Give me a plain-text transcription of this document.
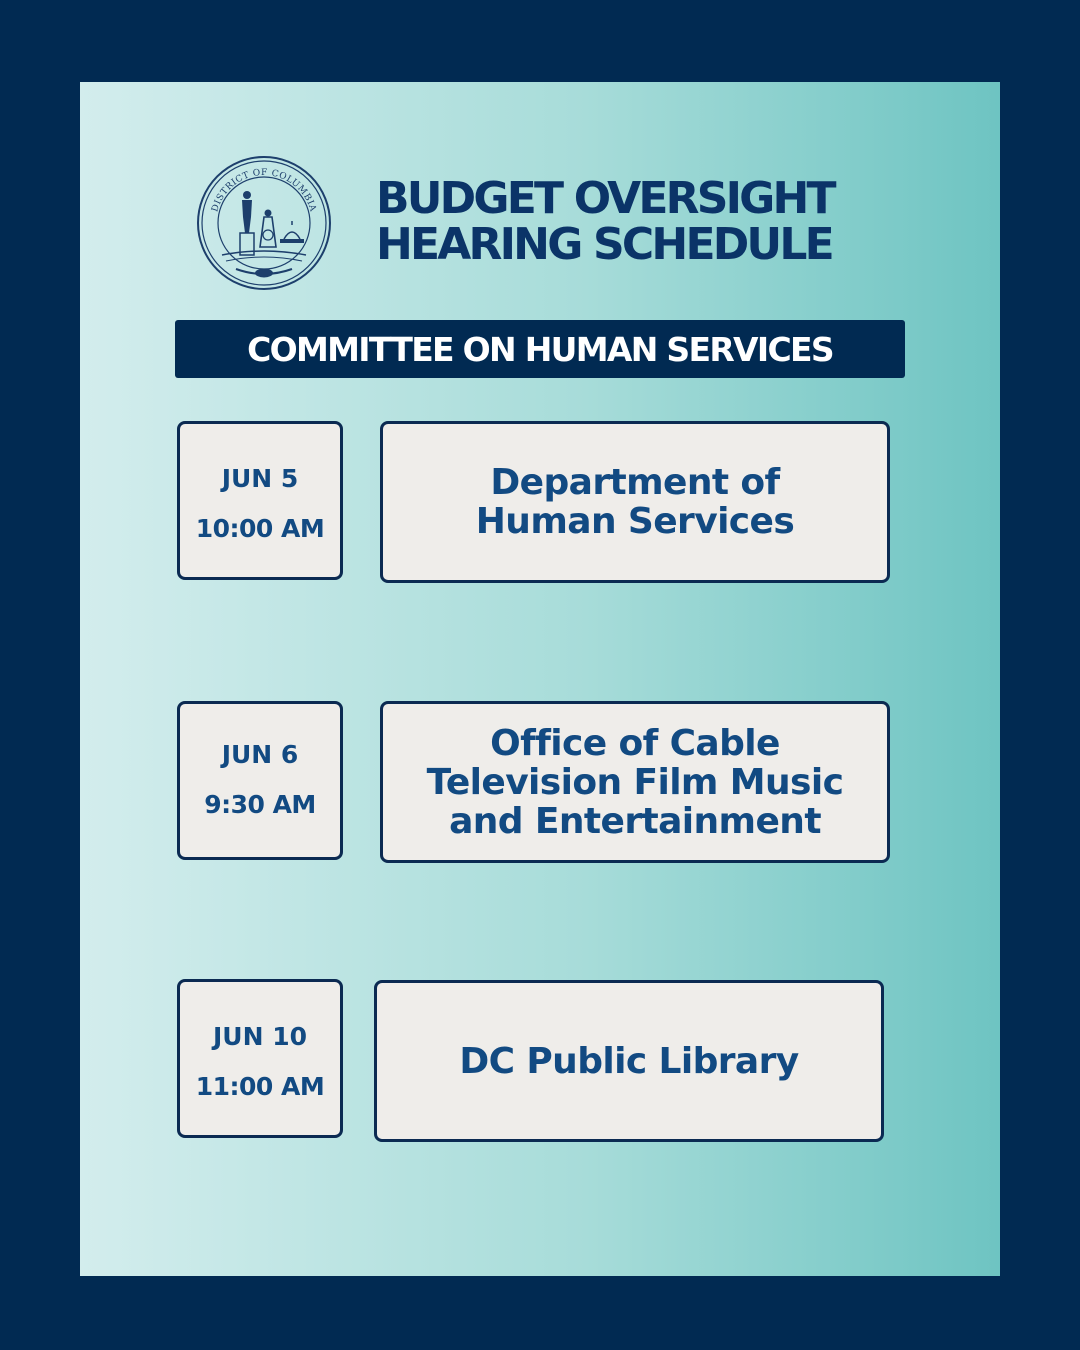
DISTRICT OF COLUMBIA BUDGET OVERSIGHT
HEARING SCHEDULE
COMMITTEE ON HUMAN SERVICES
JUN 5
10:00 AM
Department of Human Services
JUN 6
9:30 AM
Office of Cable Television Film Music and Entertainment
JUN 10
11:00 AM
DC Public Library
